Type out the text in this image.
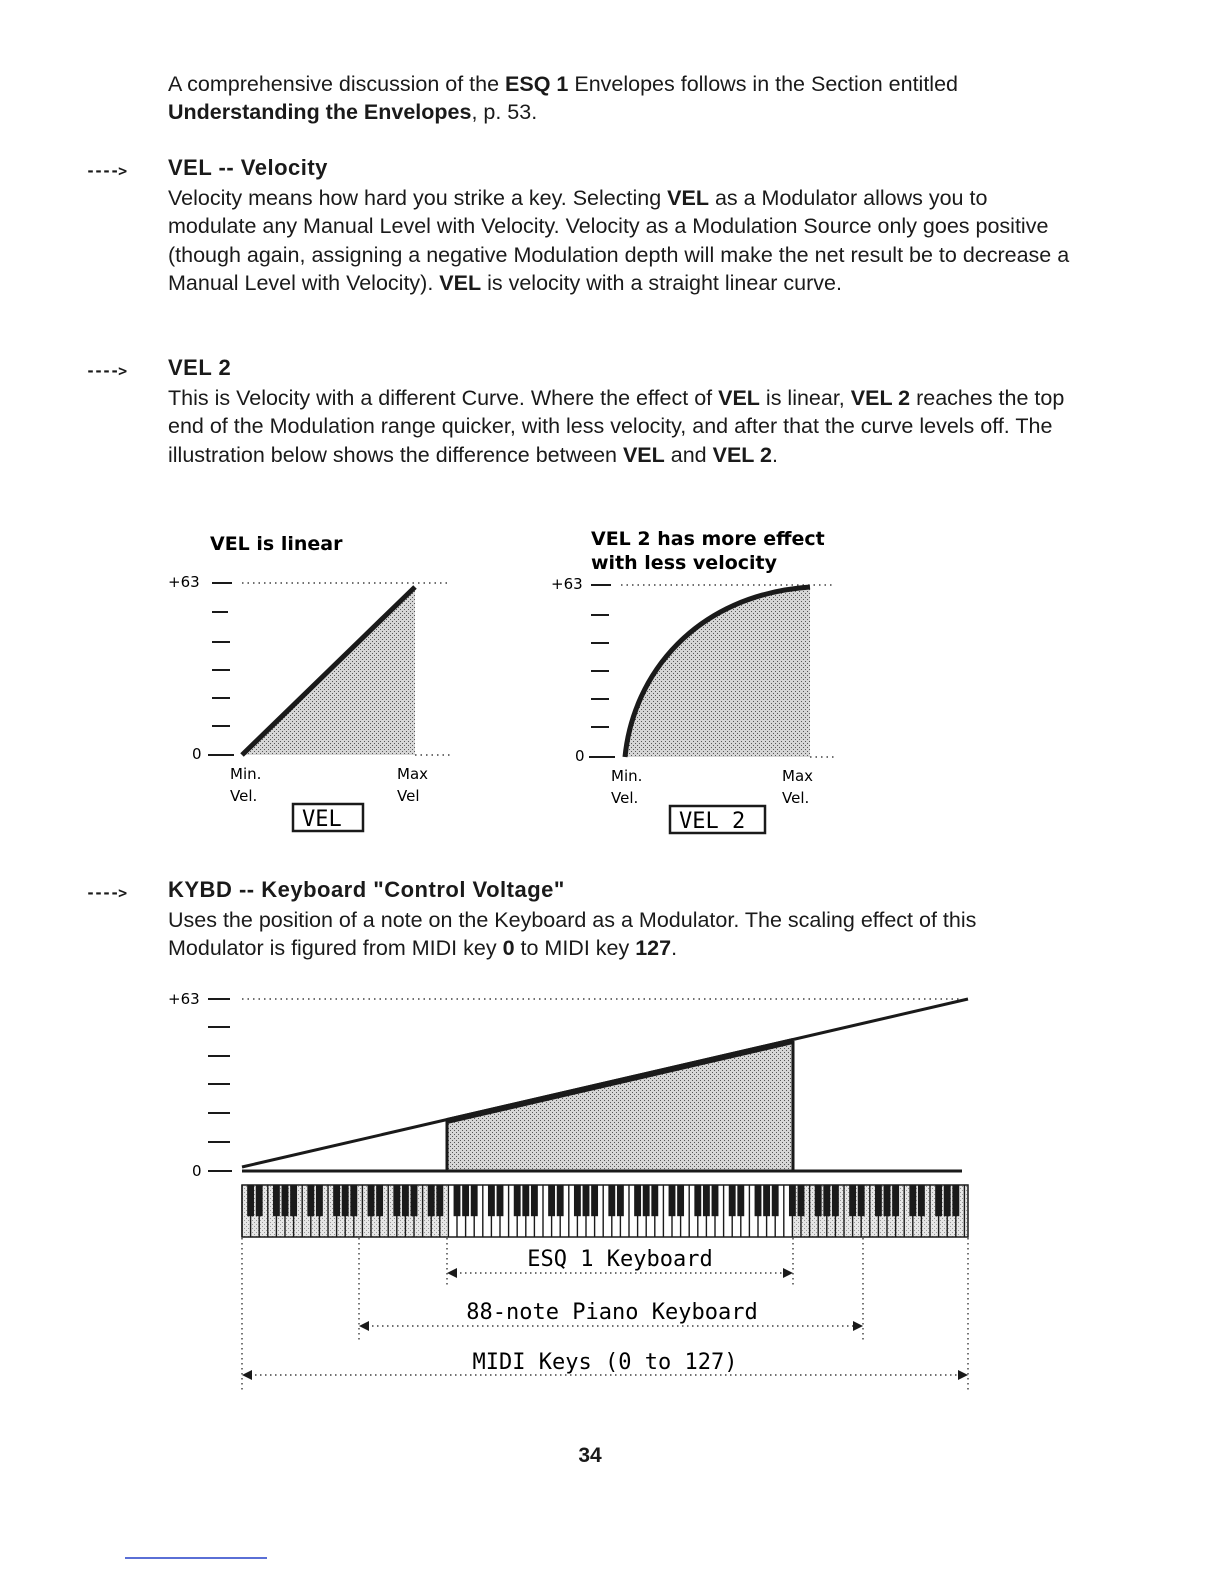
A comprehensive discussion of the ESQ 1 Envelopes follows in the Section entitled Understanding the Envelopes, p. 53.

----> VEL -- Velocity

Velocity means how hard you strike a key. Selecting VEL as a Modulator allows you to modulate any Manual Level with Velocity. Velocity as a Modulation Source only goes positive (though again, assigning a negative Modulation depth will make the net result be to decrease a Manual Level with Velocity). VEL is velocity with a straight linear curve.

----> VEL 2

This is Velocity with a different Curve. Where the effect of VEL is linear, VEL 2 reaches the top end of the Modulation range quicker, with less velocity, and after that the curve levels off. The illustration below shows the difference between VEL and VEL 2.

VEL is linear
+63
0
Min.
Vel.
Max
Vel
VEL
VEL 2 has more effect
with less velocity
+63
0
Min.
Vel.
Max
Vel.
VEL 2
----> KYBD -- Keyboard "Control Voltage"

Uses the position of a note on the Keyboard as a Modulator. The scaling effect of this Modulator is figured from MIDI key 0 to MIDI key 127.

+63
0
ESQ 1 Keyboard
88-note Piano Keyboard
MIDI Keys (0 to 127)
34
